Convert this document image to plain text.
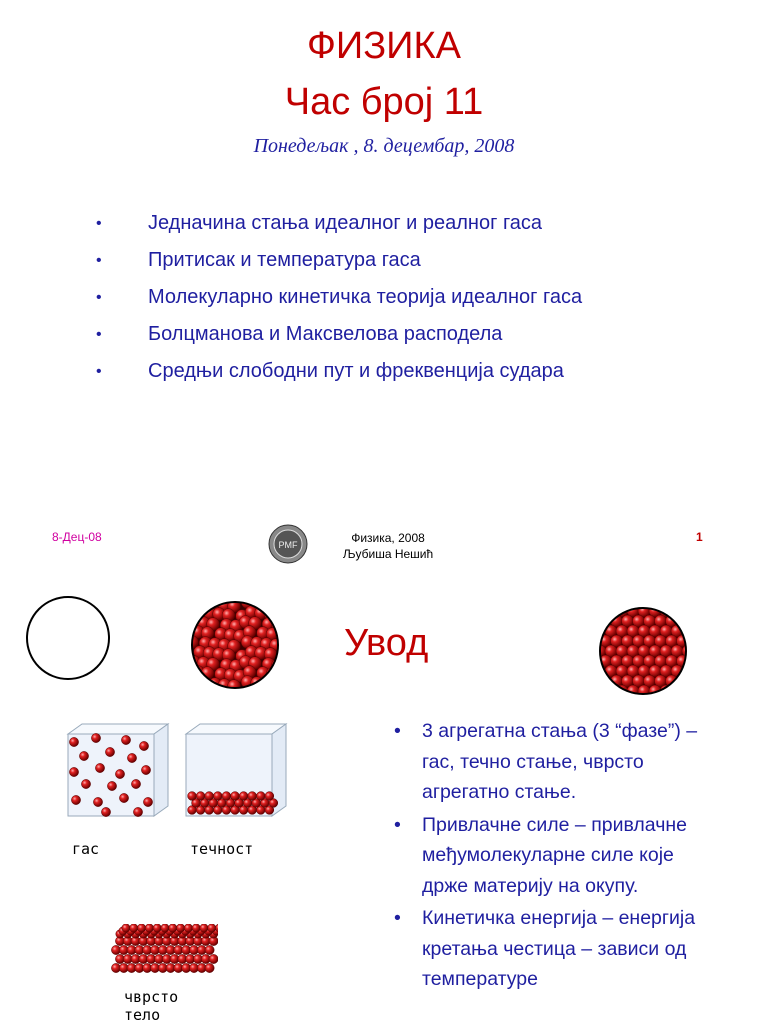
ФИЗИКА
Час број 11
Понедељак , 8. децембар, 2008
•	Једначина стања идеалног и реалног гаса
•	Притисак и температура гаса
•	Молекуларно кинетичка теорија идеалног гаса
•	Болцманова и Максвелова расподела
•	Средњи слободни пут и фреквенција судара
8-Дец-08
PMF	Физика, 2008
Љубиша Нешић
1
Увод
гас	течност
чврсто
тело
• 3 агрегатна стања (3 “фазе”) – гас, течно стање, чврсто агрегатно стање.
• Привлачне силе – привлачне међумолекуларне силе које држе материју на окупу.
• Кинетичка енергија – енергија кретања честица – зависи од температуре
